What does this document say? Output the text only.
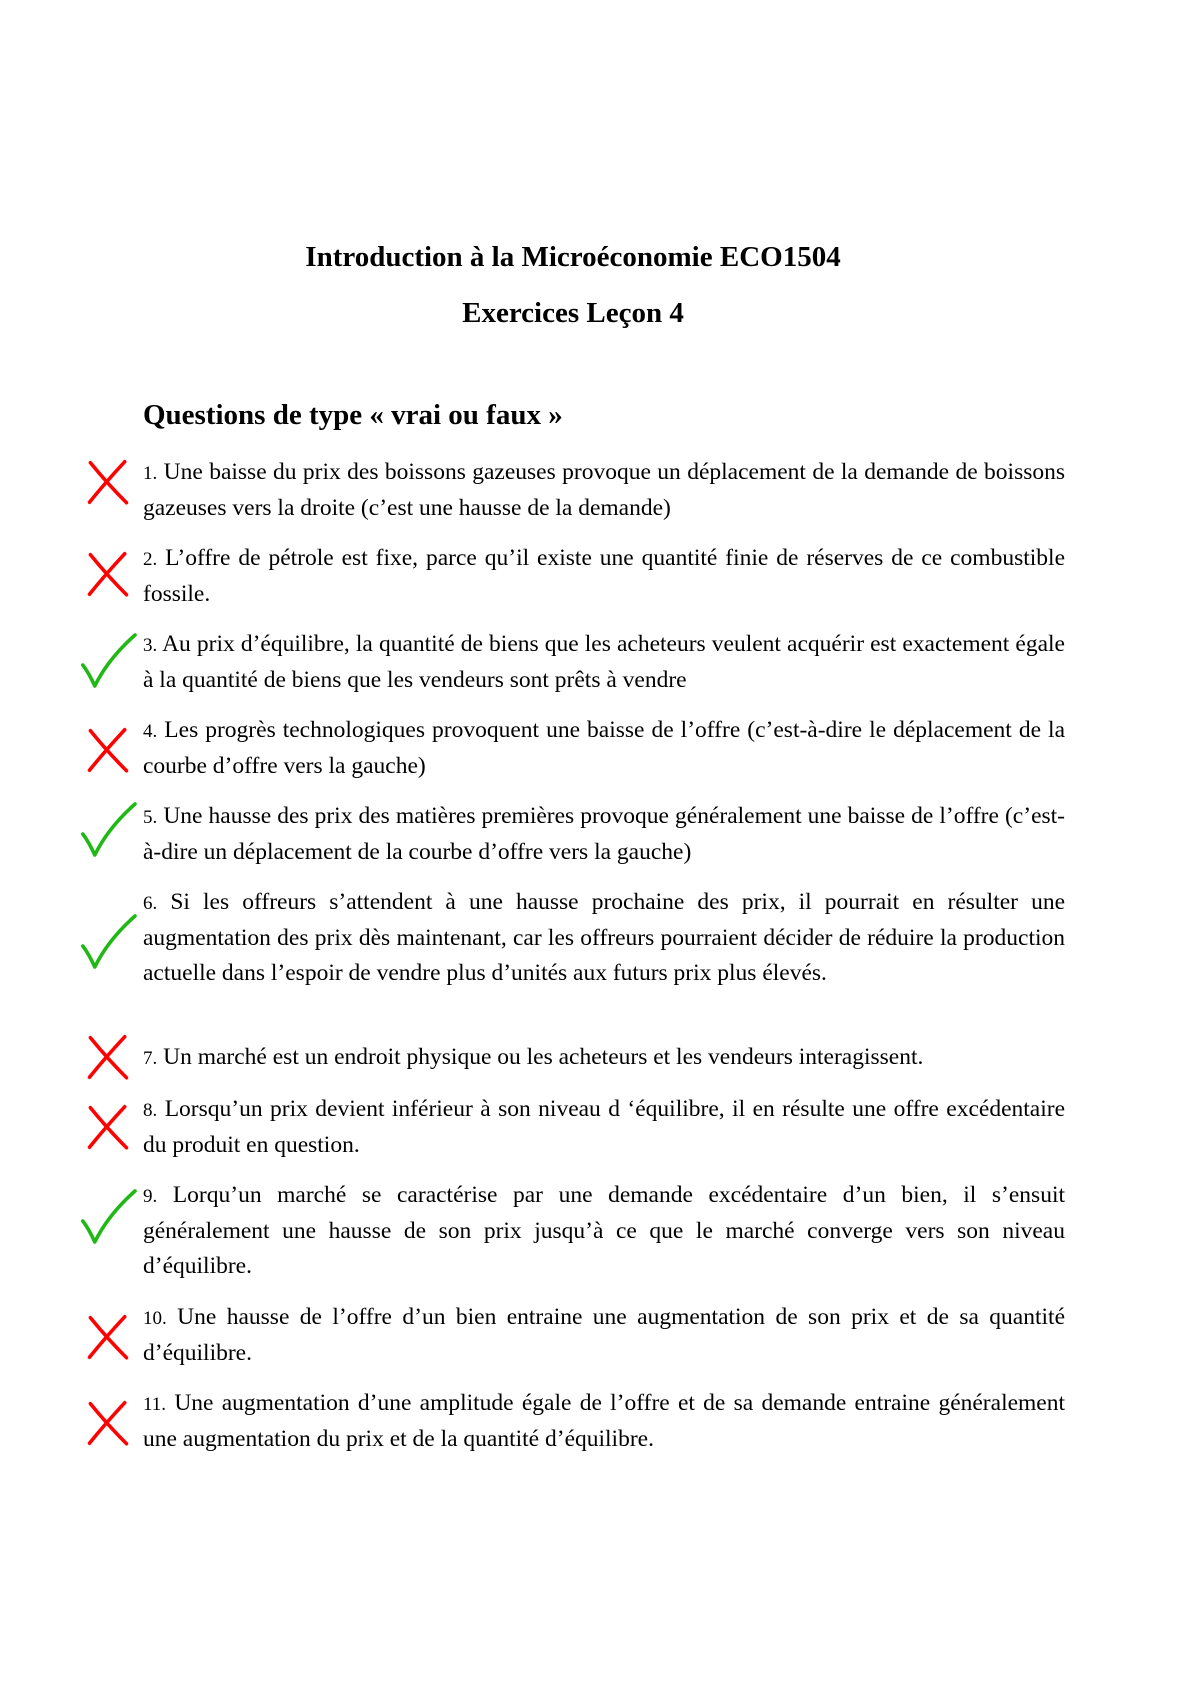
Introduction à la Microéconomie ECO1504
Exercices Leçon 4
Questions de type « vrai ou faux »

1. Une baisse du prix des boissons gazeuses provoque un déplacement de la demande de boissons gazeuses vers la droite (c’est une hausse de la demande)

2. L’offre de pétrole est fixe, parce qu’il existe une quantité finie de réserves de ce combustible fossile.

3. Au prix d’équilibre, la quantité de biens que les acheteurs veulent acquérir est exactement égale à la quantité de biens que les vendeurs sont prêts à vendre

4. Les progrès technologiques provoquent une baisse de l’offre (c’est-à-dire le déplacement de la courbe d’offre vers la gauche)

5. Une hausse des prix des matières premières provoque généralement une baisse de l’offre (c’est-à-dire un déplacement de la courbe d’offre vers la gauche)

6. Si les offreurs s’attendent à une hausse prochaine des prix, il pourrait en résulter une augmentation des prix dès maintenant, car les offreurs pourraient décider de réduire la production actuelle dans l’espoir de vendre plus d’unités aux futurs prix plus élevés.

7. Un marché est un endroit physique ou les acheteurs et les vendeurs interagissent.

8. Lorsqu’un prix devient inférieur à son niveau d ‘équilibre, il en résulte une offre excédentaire du produit en question.

9. Lorqu’un marché se caractérise par une demande excédentaire d’un bien, il s’ensuit généralement une hausse de son prix jusqu’à ce que le marché converge vers son niveau d’équilibre.

10. Une hausse de l’offre d’un bien entraine une augmentation de son prix et de sa quantité d’équilibre.

11. Une augmentation d’une amplitude égale de l’offre et de sa demande entraine généralement une augmentation du prix et de la quantité d’équilibre.
